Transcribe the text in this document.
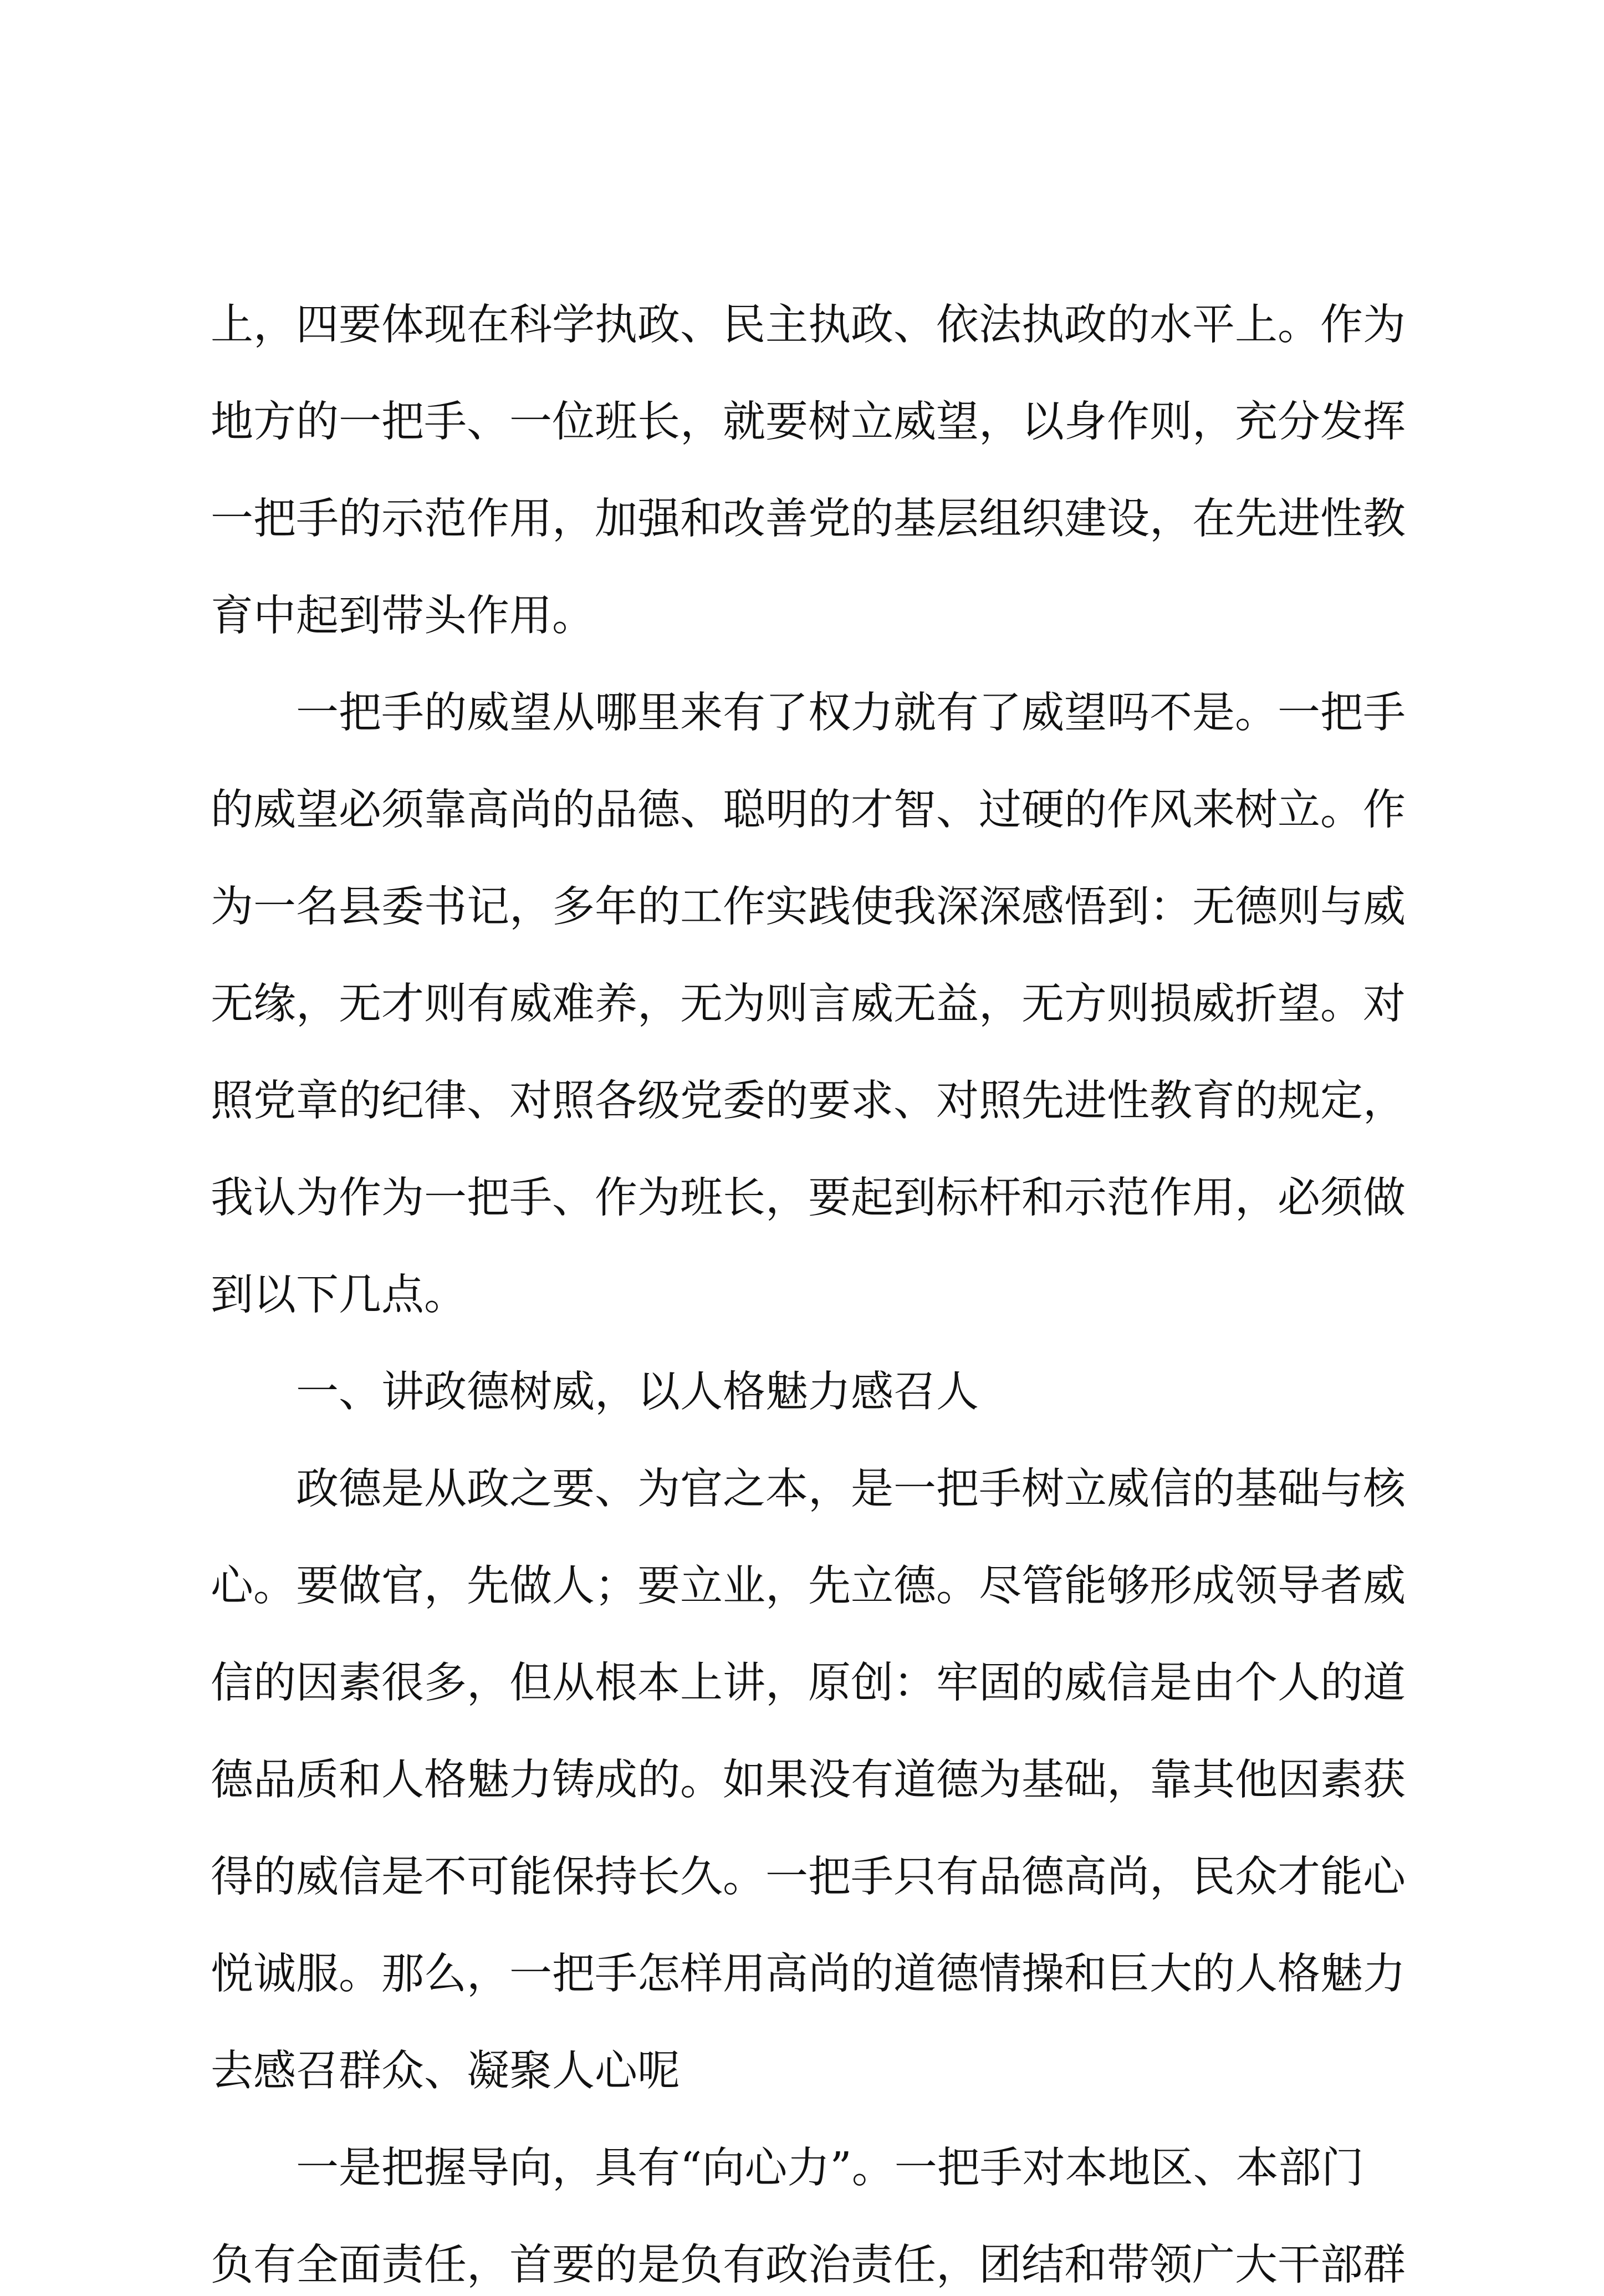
上，四要体现在科学执政、民主执政、依法执政的水平上。作为
地方的一把手、一位班长，就要树立威望，以身作则，充分发挥
一把手的示范作用，加强和改善党的基层组织建设，在先进性教
育中起到带头作用。
一把手的威望从哪里来有了权力就有了威望吗不是。一把手
的威望必须靠高尚的品德、聪明的才智、过硬的作风来树立。作
为一名县委书记，多年的工作实践使我深深感悟到：无德则与威
无缘，无才则有威难养，无为则言威无益，无方则损威折望。对
照党章的纪律、对照各级党委的要求、对照先进性教育的规定，
我认为作为一把手、作为班长，要起到标杆和示范作用，必须做
到以下几点。
一、讲政德树威，以人格魅力感召人
政德是从政之要、为官之本，是一把手树立威信的基础与核
心。要做官，先做人；要立业，先立德。尽管能够形成领导者威
信的因素很多，但从根本上讲，原创：牢固的威信是由个人的道
德品质和人格魅力铸成的。如果没有道德为基础，靠其他因素获
得的威信是不可能保持长久。一把手只有品德高尚，民众才能心
悦诚服。那么，一把手怎样用高尚的道德情操和巨大的人格魅力
去感召群众、凝聚人心呢
一是把握导向，具有“向心力”。一把手对本地区、本部门
负有全面责任，首要的是负有政治责任，团结和带领广大干部群
